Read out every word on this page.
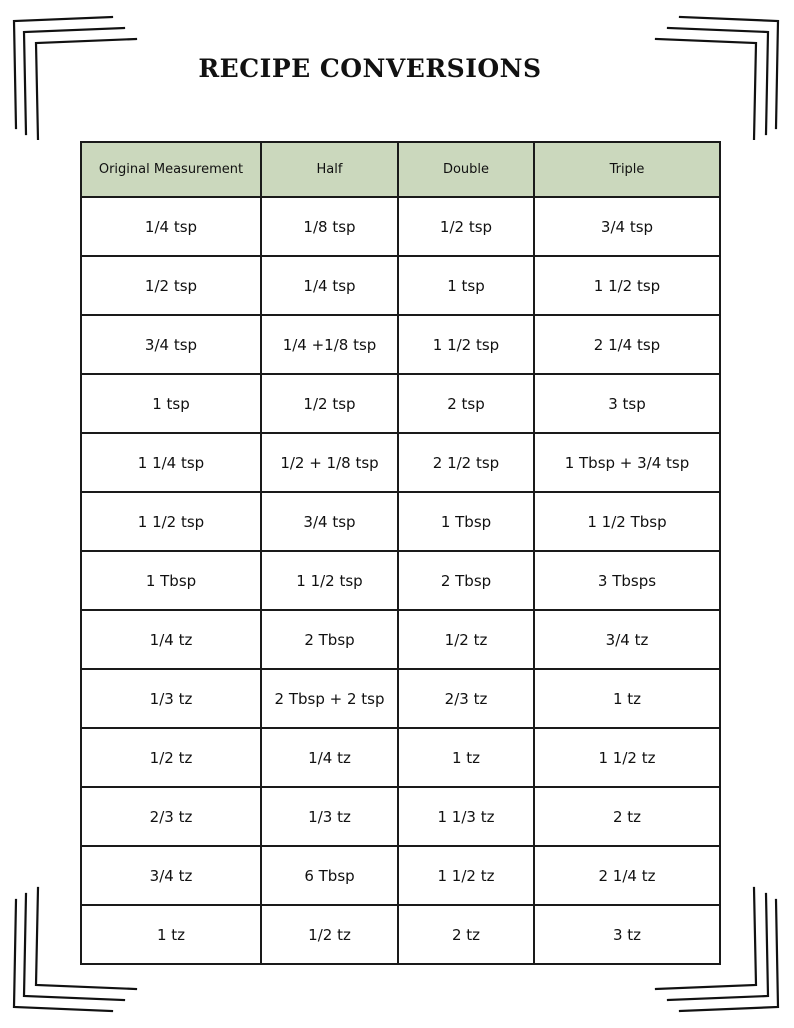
RECIPE CONVERSIONS
Original Measurement	Half	Double	Triple
1/4 tsp	1/8 tsp	1/2 tsp	3/4 tsp
1/2 tsp	1/4 tsp	1 tsp	1 1/2 tsp
3/4 tsp	1/4 +1/8 tsp	1 1/2 tsp	2 1/4 tsp
1 tsp	1/2 tsp	2 tsp	3 tsp
1 1/4 tsp	1/2 + 1/8 tsp	2 1/2 tsp	1 Tbsp + 3/4 tsp
1 1/2 tsp	3/4 tsp	1 Tbsp	1 1/2 Tbsp
1 Tbsp	1 1/2 tsp	2 Tbsp	3 Tbsps
1/4 tz	2 Tbsp	1/2 tz	3/4 tz
1/3 tz	2 Tbsp + 2 tsp	2/3 tz	1 tz
1/2 tz	1/4 tz	1 tz	1 1/2 tz
2/3 tz	1/3 tz	1 1/3 tz	2 tz
3/4 tz	6 Tbsp	1 1/2 tz	2 1/4 tz
1 tz	1/2 tz	2 tz	3 tz
